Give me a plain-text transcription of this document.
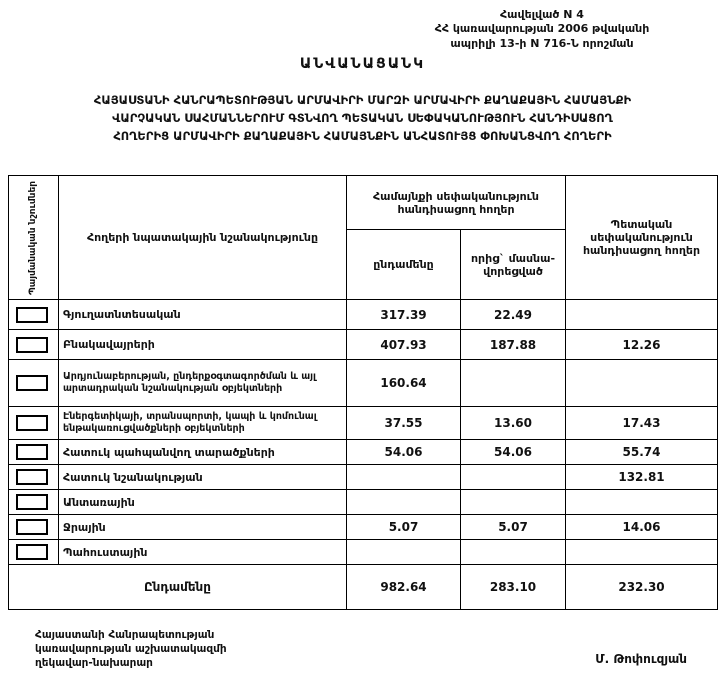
Հավելված N 4
ՀՀ կառավարության 2006 թվականի
ապրիլի 13-ի N 716-Ն որոշման
ԱՆՎԱՆԱՑԱՆԿ
ՀԱՅԱՍՏԱՆԻ ՀԱՆՐԱՊԵՏՈՒԹՅԱՆ ԱՐՄԱՎԻՐԻ ՄԱՐԶԻ ԱՐՄԱՎԻՐԻ ՔԱՂԱՔԱՅԻՆ ՀԱՄԱՅՆՔԻ
ՎԱՐՉԱԿԱՆ ՍԱՀՄԱՆՆԵՐՈՒՄ ԳՏՆՎՈՂ ՊԵՏԱԿԱՆ ՍԵՓԱԿԱՆՈՒԹՅՈՒՆ ՀԱՆԴԻՍԱՑՈՂ
ՀՈՂԵՐԻՑ ԱՐՄԱՎԻՐԻ ՔԱՂԱՔԱՅԻՆ ՀԱՄԱՅՆՔԻՆ ԱՆՀԱՏՈՒՅՑ ՓՈԽԱՆՑՎՈՂ ՀՈՂԵՐԻ
Պայմանական նշումներ	Հողերի նպատակային նշանակությունը	Համայնքի սեփականություն հանդիսացող հողեր		Պետական սեփականություն հանդիսացող հողեր
		ընդամենը	որից` մասնա-վորեցված	

	Գյուղատնտեսական	317.39	22.49	

	Բնակավայրերի	407.93	187.88	12.26

	Արդյունաբերության, ընդերքօգտագործման և այլ արտադրական նշանակության օբյեկտների	160.64		

	Էներգետիկայի, տրանսպորտի, կապի և կոմունալ ենթակառուցվածքների օբյեկտների	37.55	13.60	17.43

	Հատուկ պահպանվող տարածքների	54.06	54.06	55.74

	Հատուկ նշանակության			132.81

	Անտառային			

	Ջրային	5.07	5.07	14.06

	Պահուստային			
Ընդամենը		982.64	283.10	232.30
Հայաստանի Հանրապետության
կառավարության աշխատակազմի
ղեկավար-նախարար	Մ. Թոփուզյան
